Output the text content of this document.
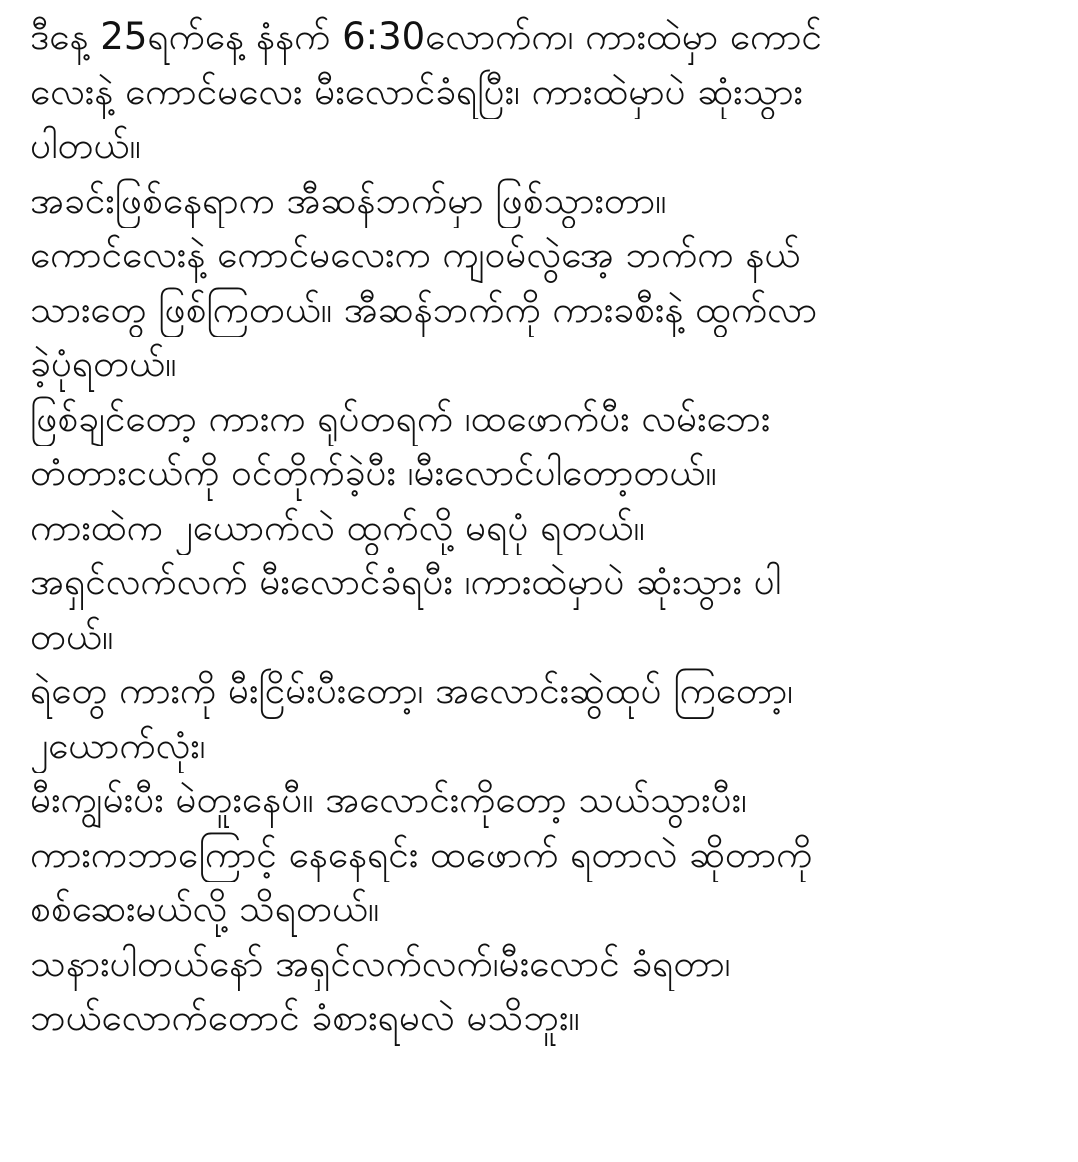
ဒီနေ့ 25ရက်နေ့ နံနက် 6:30လောက်က၊ ကားထဲမှာ ကောင်
လေးနဲ့ ကောင်မလေး မီးလောင်ခံရပြီး၊ ကားထဲမှာပဲ ဆုံးသွား
ပါတယ်။
အခင်းဖြစ်နေရာက အီဆန်ဘက်မှာ ဖြစ်သွားတာ။
ကောင်လေးနဲ့ ကောင်မလေးက ကျဝမ်လွဲအေ့ ဘက်က နယ်
သားတွေ ဖြစ်ကြတယ်။ အီဆန်ဘက်ကို ကားခစီးနဲ့ ထွက်လာ
ခဲ့ပုံရတယ်။
ဖြစ်ချင်တော့ ကားက ရုပ်တရက် ၊ထဖောက်ပီး လမ်းဘေး
တံတားငယ်ကို ဝင်တိုက်ခဲ့ပီး ၊မီးလောင်ပါတော့တယ်။
ကားထဲက ၂ယောက်လဲ ထွက်လို့ မရပုံ ရတယ်။
အရှင်လက်လက် မီးလောင်ခံရပီး ၊ကားထဲမှာပဲ ဆုံးသွား ပါ
တယ်။
ရဲတွေ ကားကို မီးငြိမ်းပီးတော့၊ အလောင်းဆွဲထုပ် ကြတော့၊
၂ယောက်လုံး၊
မီးကျွမ်းပီး မဲတူးနေပီ။ အလောင်းကိုတော့ သယ်သွားပီး၊
ကားကဘာကြောင့် နေနေရင်း ထဖောက် ရတာလဲ ဆိုတာကို
စစ်ဆေးမယ်လို့ သိရတယ်။
သနားပါတယ်နော် အရှင်လက်လက်၊မီးလောင် ခံရတာ၊
ဘယ်လောက်တောင် ခံစားရမလဲ မသိဘူး။
